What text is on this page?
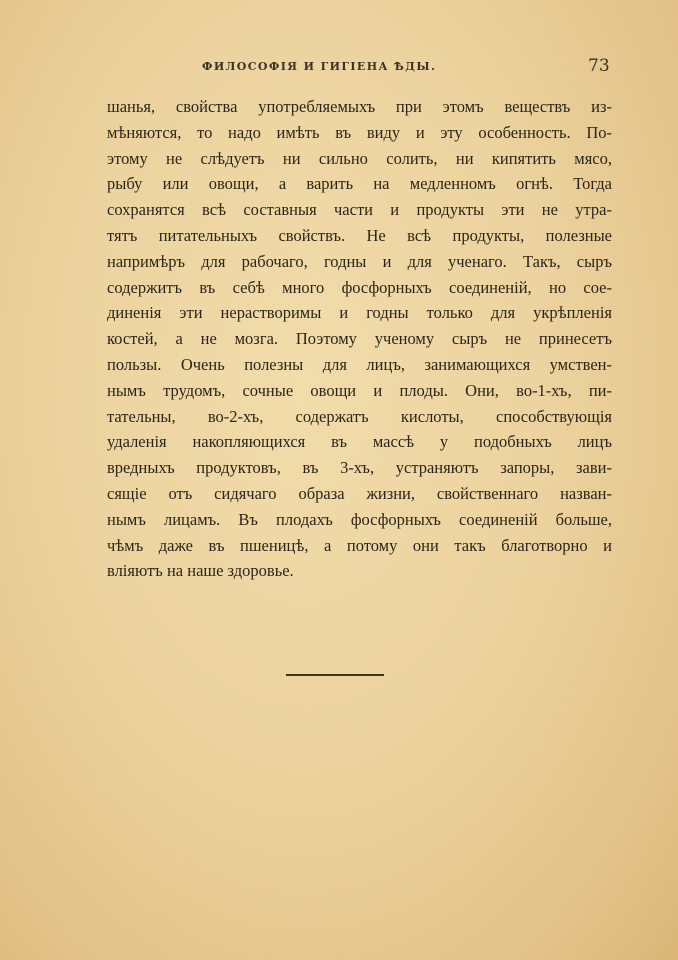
ФИЛОСОФІЯ И ГИГІЕНА ѢДЫ.	73
шанья, свойства употребляемыхъ при этомъ веществъ из-
мѣняются, то надо имѣть въ виду и эту особенность. По-
этому не слѣдуетъ ни сильно солить, ни кипятить мясо,
рыбу или овощи, а варить на медленномъ огнѣ. Тогда
сохранятся всѣ составныя части и продукты эти не утра-
тятъ питательныхъ свойствъ. Не всѣ продукты, полезные
напримѣръ для рабочаго, годны и для ученаго. Такъ, сыръ
содержитъ въ себѣ много фосфорныхъ соединеній, но сое-
диненія эти нерастворимы и годны только для укрѣпленія
костей, а не мозга. Поэтому ученому сыръ не принесетъ
пользы. Очень полезны для лицъ, занимающихся умствен-
нымъ трудомъ, сочные овощи и плоды. Они, во-1-хъ, пи-
тательны, во-2-хъ, содержатъ кислоты, способствующія
удаленія накопляющихся въ массѣ у подобныхъ лицъ
вредныхъ продуктовъ, въ 3-хъ, устраняютъ запоры, зави-
сящіе отъ сидячаго образа жизни, свойственнаго назван-
нымъ лицамъ. Въ плодахъ фосфорныхъ соединеній больше,
чѣмъ даже въ пшеницѣ, а потому они такъ благотворно и
вліяютъ на наше здоровье.
